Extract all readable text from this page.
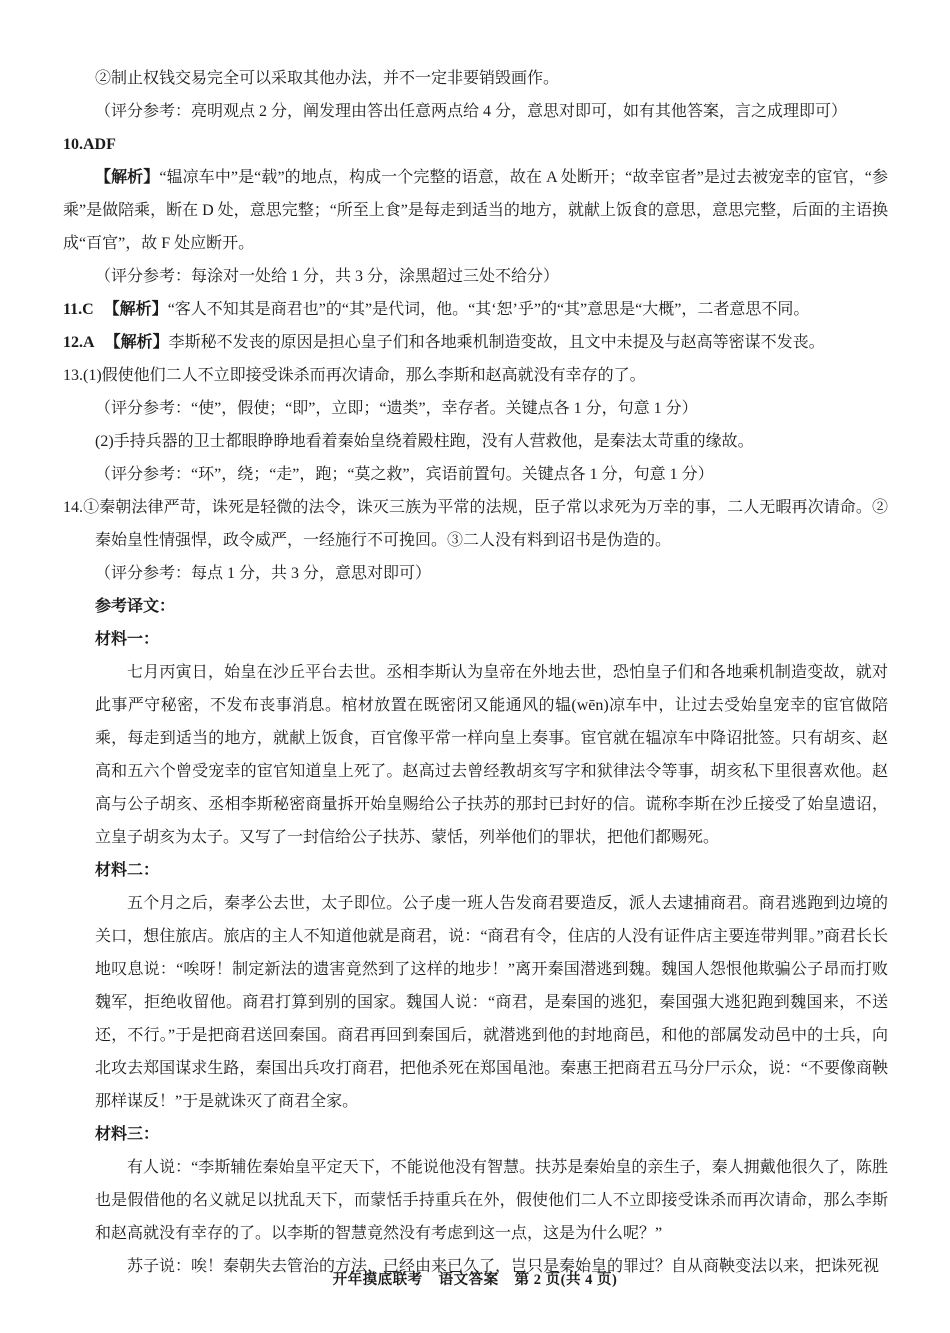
②制止权钱交易完全可以采取其他办法，并不一定非要销毁画作。

（评分参考：亮明观点 2 分，阐发理由答出任意两点给 4 分，意思对即可，如有其他答案，言之成理即可）

10.ADF

【解析】“辒凉车中”是“载”的地点，构成一个完整的语意，故在 A 处断开；“故幸宦者”是过去被宠幸的宦官，“参乘”是做陪乘，断在 D 处，意思完整；“所至上食”是每走到适当的地方，就献上饭食的意思，意思完整，后面的主语换成“百官”，故 F 处应断开。

（评分参考：每涂对一处给 1 分，共 3 分，涂黑超过三处不给分）

11.C 【解析】“客人不知其是商君也”的“其”是代词，他。“其‘恕’乎”的“其”意思是“大概”，二者意思不同。

12.A 【解析】李斯秘不发丧的原因是担心皇子们和各地乘机制造变故，且文中未提及与赵高等密谋不发丧。

13.(1)假使他们二人不立即接受诛杀而再次请命，那么李斯和赵高就没有幸存的了。

（评分参考：“使”，假使；“即”，立即；“遗类”，幸存者。关键点各 1 分，句意 1 分）

(2)手持兵器的卫士都眼睁睁地看着秦始皇绕着殿柱跑，没有人营救他，是秦法太苛重的缘故。

（评分参考：“环”，绕；“走”，跑；“莫之救”，宾语前置句。关键点各 1 分，句意 1 分）

14.①秦朝法律严苛，诛死是轻微的法令，诛灭三族为平常的法规，臣子常以求死为万幸的事，二人无暇再次请命。②秦始皇性情强悍，政令威严，一经施行不可挽回。③二人没有料到诏书是伪造的。

（评分参考：每点 1 分，共 3 分，意思对即可）

参考译文：

材料一：

七月丙寅日，始皇在沙丘平台去世。丞相李斯认为皇帝在外地去世，恐怕皇子们和各地乘机制造变故，就对此事严守秘密，不发布丧事消息。棺材放置在既密闭又能通风的辒(wēn)凉车中，让过去受始皇宠幸的宦官做陪乘，每走到适当的地方，就献上饭食，百官像平常一样向皇上奏事。宦官就在辒凉车中降诏批签。只有胡亥、赵高和五六个曾受宠幸的宦官知道皇上死了。赵高过去曾经教胡亥写字和狱律法令等事，胡亥私下里很喜欢他。赵高与公子胡亥、丞相李斯秘密商量拆开始皇赐给公子扶苏的那封已封好的信。谎称李斯在沙丘接受了始皇遗诏，立皇子胡亥为太子。又写了一封信给公子扶苏、蒙恬，列举他们的罪状，把他们都赐死。

材料二：

五个月之后，秦孝公去世，太子即位。公子虔一班人告发商君要造反，派人去逮捕商君。商君逃跑到边境的关口，想住旅店。旅店的主人不知道他就是商君，说：“商君有令，住店的人没有证件店主要连带判罪。”商君长长地叹息说：“唉呀！制定新法的遗害竟然到了这样的地步！”离开秦国潜逃到魏。魏国人怨恨他欺骗公子昂而打败魏军，拒绝收留他。商君打算到别的国家。魏国人说：“商君，是秦国的逃犯，秦国强大逃犯跑到魏国来，不送还，不行。”于是把商君送回秦国。商君再回到秦国后，就潜逃到他的封地商邑，和他的部属发动邑中的士兵，向北攻去郑国谋求生路，秦国出兵攻打商君，把他杀死在郑国黾池。秦惠王把商君五马分尸示众，说：“不要像商鞅那样谋反！”于是就诛灭了商君全家。

材料三：

有人说：“李斯辅佐秦始皇平定天下，不能说他没有智慧。扶苏是秦始皇的亲生子，秦人拥戴他很久了，陈胜也是假借他的名义就足以扰乱天下，而蒙恬手持重兵在外，假使他们二人不立即接受诛杀而再次请命，那么李斯和赵高就没有幸存的了。以李斯的智慧竟然没有考虑到这一点，这是为什么呢？”

苏子说：唉！秦朝失去管治的方法，已经由来已久了，岂只是秦始皇的罪过？自从商鞅变法以来，把诛死视

开年摸底联考 语文答案 第 2 页(共 4 页)
